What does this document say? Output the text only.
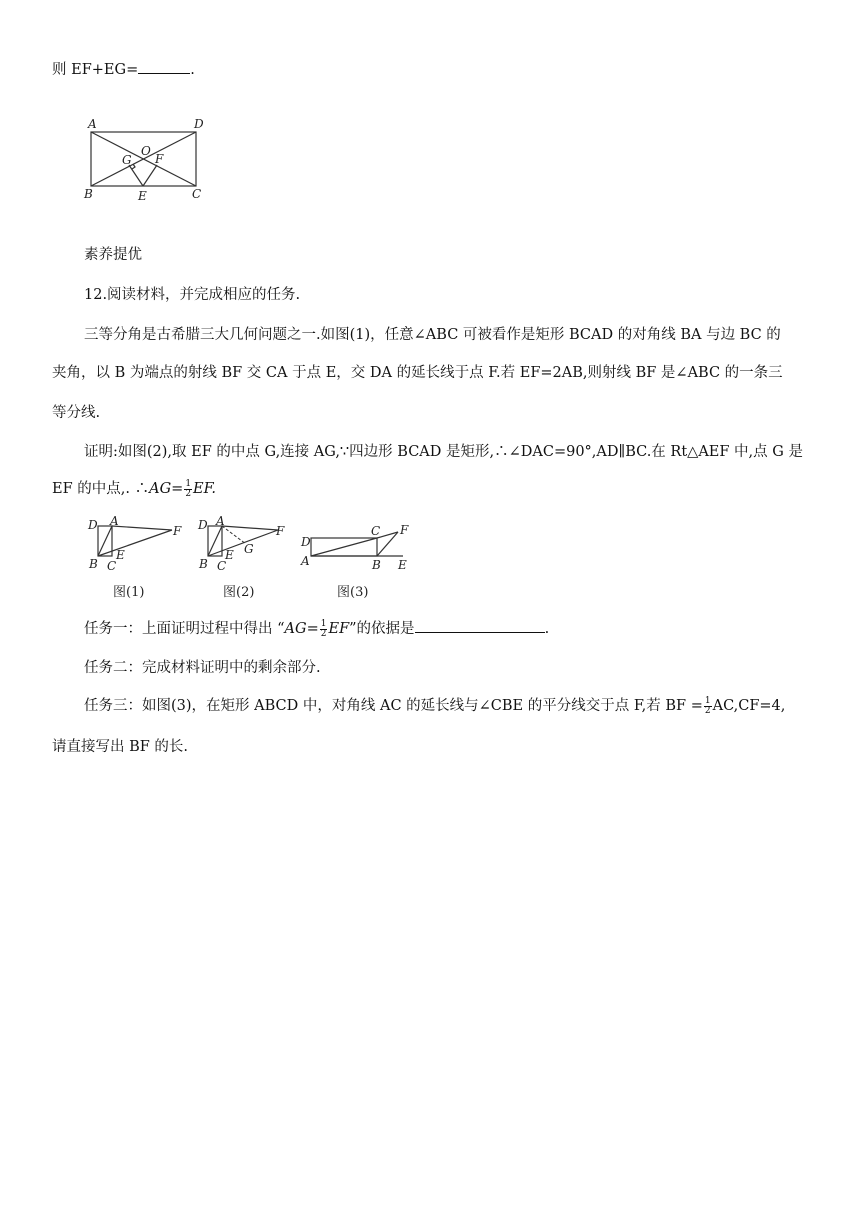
则 EF+EG=	.
A	D
O
G F
B	E	C
素养提优
12.阅读材料，并完成相应的任务.
三等分角是古希腊三大几何问题之一.如图(1)，任意∠ABC 可被看作是矩形 BCAD 的对角线 BA 与边 BC 的
夹角，以 B 为端点的射线 BF 交 CA 于点 E，交 DA 的延长线于点 F.若 EF=2AB,则射线 BF 是∠ABC 的一条三
等分线.
证明:如图(2),取 EF 的中点 G,连接 AG,∵四边形 BCAD 是矩形,∴∠DAC=90°,AD∥BC.在 Rt△AEF 中,点 G 是
EF 的中点,. ∴AG= $\frac{1}{2}$ EF.
D A
F
B C
E
图(1)
D A
F
G
E
B C
图(2)
C F
D
A	B E
图(3)
任务一：上面证明过程中得出 “$AG= \frac{1}{2}$ EF”的依据是	.
任务二：完成材料证明中的剩余部分.
任务三：如图(3)，在矩形 ABCD 中，对角线 AC 的延长线与∠CBE 的平分线交于点 F,若 BF = $\frac{1}{2} AC,CF=4$,
请直接写出 BF 的长.
